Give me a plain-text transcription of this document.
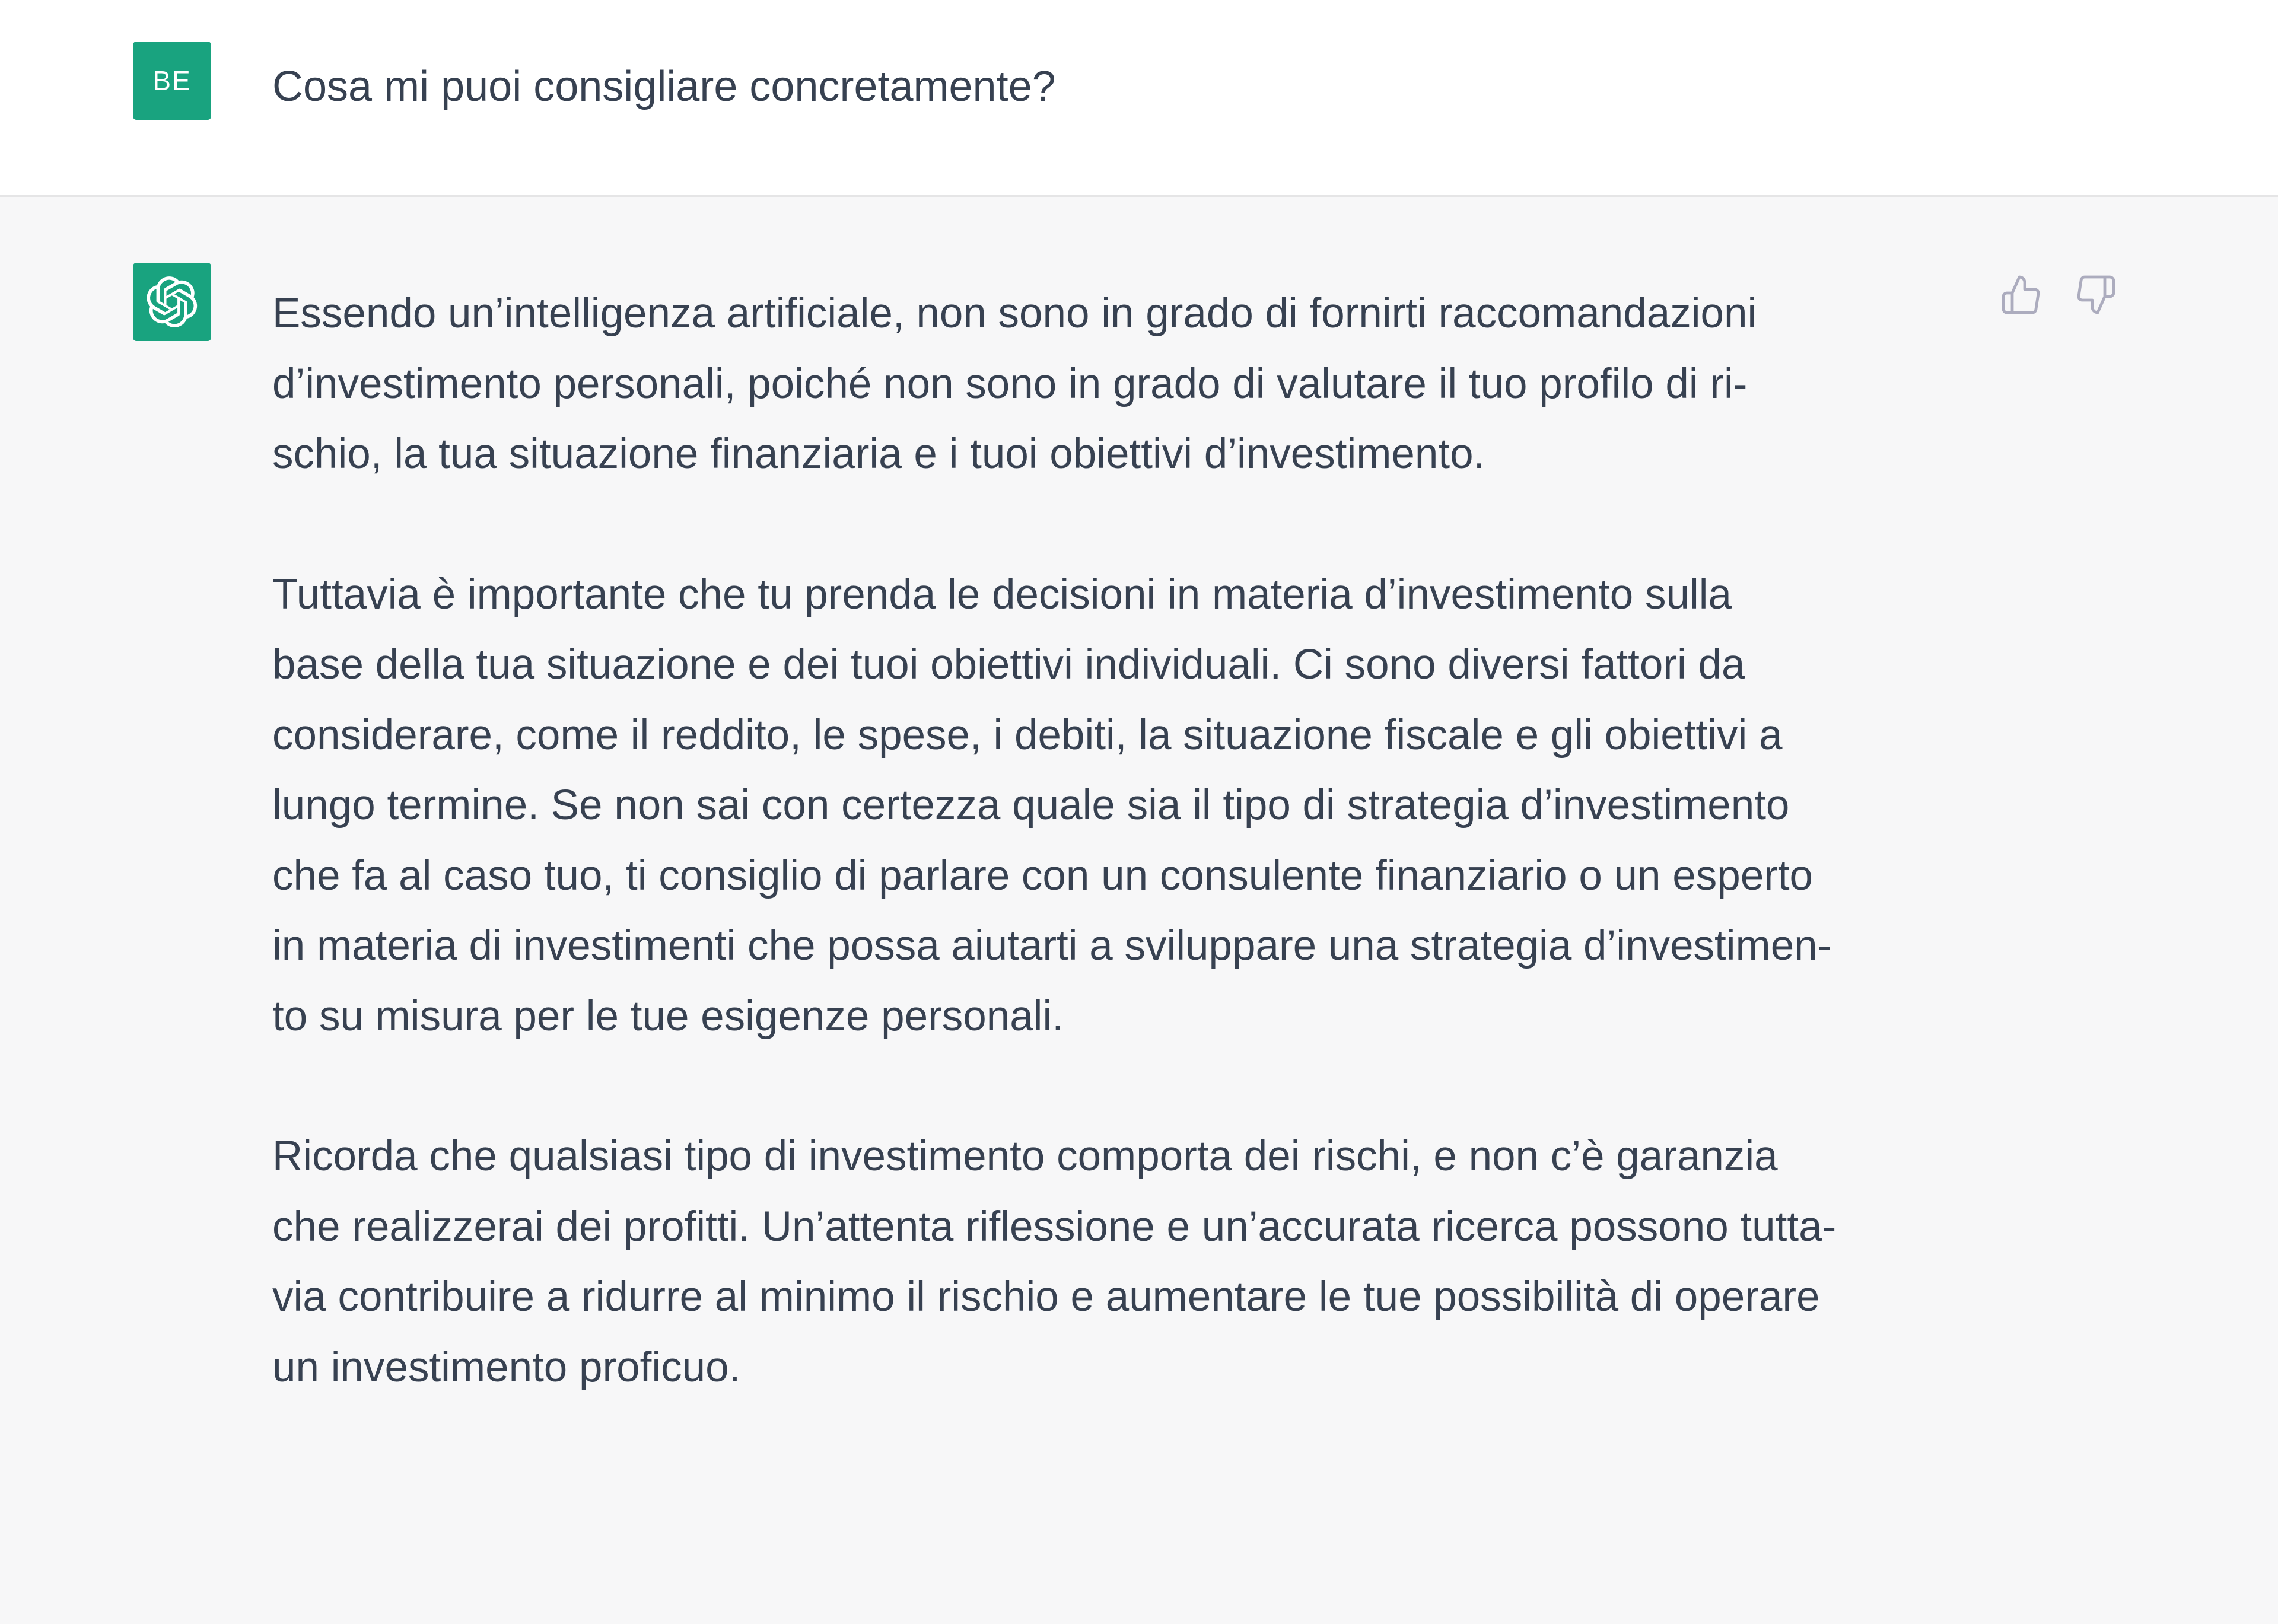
BE	Cosa mi puoi consigliare concretamente?

Essendo un’intelligenza artificiale, non sono in grado di fornirti raccomandazioni
d’investimento personali, poiché non sono in grado di valutare il tuo profilo di ri-
schio, la tua situazione finanziaria e i tuoi obiettivi d’investimento.

Tuttavia è importante che tu prenda le decisioni in materia d’investimento sulla
base della tua situazione e dei tuoi obiettivi individuali. Ci sono diversi fattori da
considerare, come il reddito, le spese, i debiti, la situazione fiscale e gli obiettivi a
lungo termine. Se non sai con certezza quale sia il tipo di strategia d’investimento
che fa al caso tuo, ti consiglio di parlare con un consulente finanziario o un esperto
in materia di investimenti che possa aiutarti a sviluppare una strategia d’investimen-
to su misura per le tue esigenze personali.

Ricorda che qualsiasi tipo di investimento comporta dei rischi, e non c’è garanzia
che realizzerai dei profitti. Un’attenta riflessione e un’accurata ricerca possono tutta-
via contribuire a ridurre al minimo il rischio e aumentare le tue possibilità di operare
un investimento proficuo.
